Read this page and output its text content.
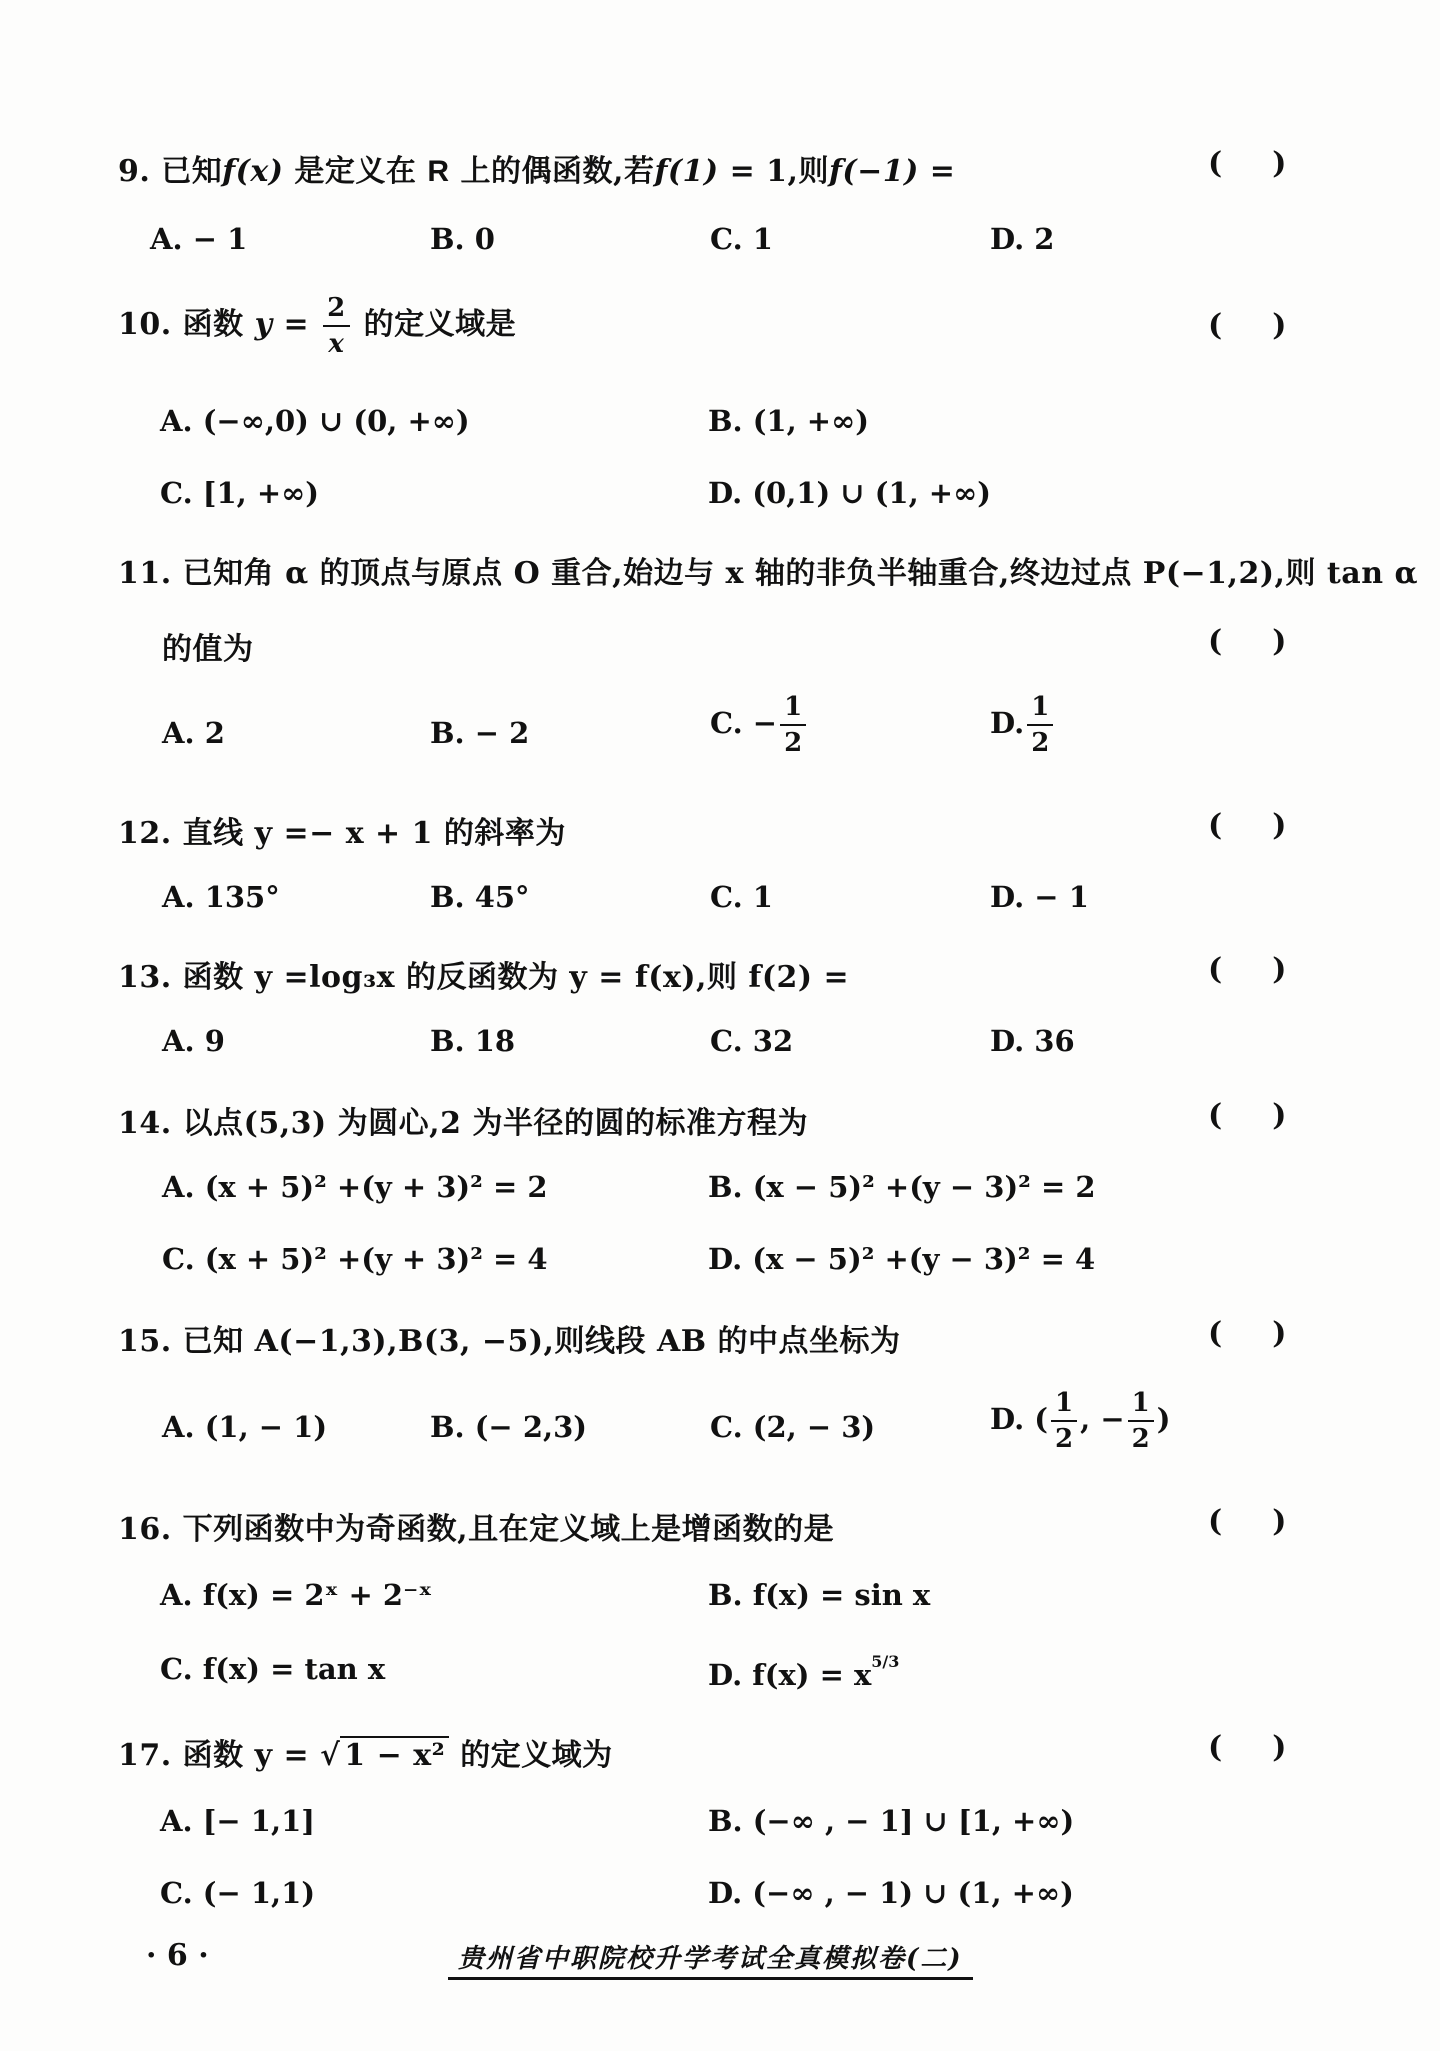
9. 已知f(x) 是定义在 R 上的偶函数,若f(1) = 1,则f(−1) =	( )
A. − 1	B. 0	C. 1	D. 2
10. 函数 $y = \frac{2}{x}$ 的定义域是	( )
A. (−∞,0) ∪ (0, +∞)	B. (1, +∞)
C. [1, +∞)	D. (0,1) ∪ (1, +∞)
11. 已知角 α 的顶点与原点 O 重合,始边与 x 轴的非负半轴重合,终边过点 P(−1,2),则 tan α
的值为	( )
A. 2	B. − 2	C. − $\frac{1}{2}$	D. $\frac{1}{2}$
12. 直线 y =− x + 1 的斜率为	( )
A. 135°	B. 45°	C. 1	D. − 1
13. 函数 y =log₃x 的反函数为 y = f(x),则 f(2) =	( )
A. 9	B. 18	C. 32	D. 36
14. 以点(5,3) 为圆心,2 为半径的圆的标准方程为	( )
A. (x + 5)² +(y + 3)² = 2	B. (x − 5)² +(y − 3)² = 2
C. (x + 5)² +(y + 3)² = 4	D. (x − 5)² +(y − 3)² = 4
15. 已知 A(−1,3),B(3, −5),则线段 AB 的中点坐标为	( )
A. (1, − 1)	B. (− 2,3)	C. (2, − 3)	D. ( $\frac{1}{2}$ , − $\frac{1}{2}$ )
16. 下列函数中为奇函数,且在定义域上是增函数的是	( )
A. f(x) = 2ˣ + 2⁻ˣ	B. f(x) = sin x
C. f(x) = tan x	D. $f(x) = x^{5/3}$
17. 函数 y = √ 1 − x² 的定义域为	( )
A. [− 1,1]	B. (−∞ , − 1] ∪ [1, +∞)
C. (− 1,1)	D. (−∞ , − 1) ∪ (1, +∞)
· 6 ·	贵州省中职院校升学考试全真模拟卷(二)
